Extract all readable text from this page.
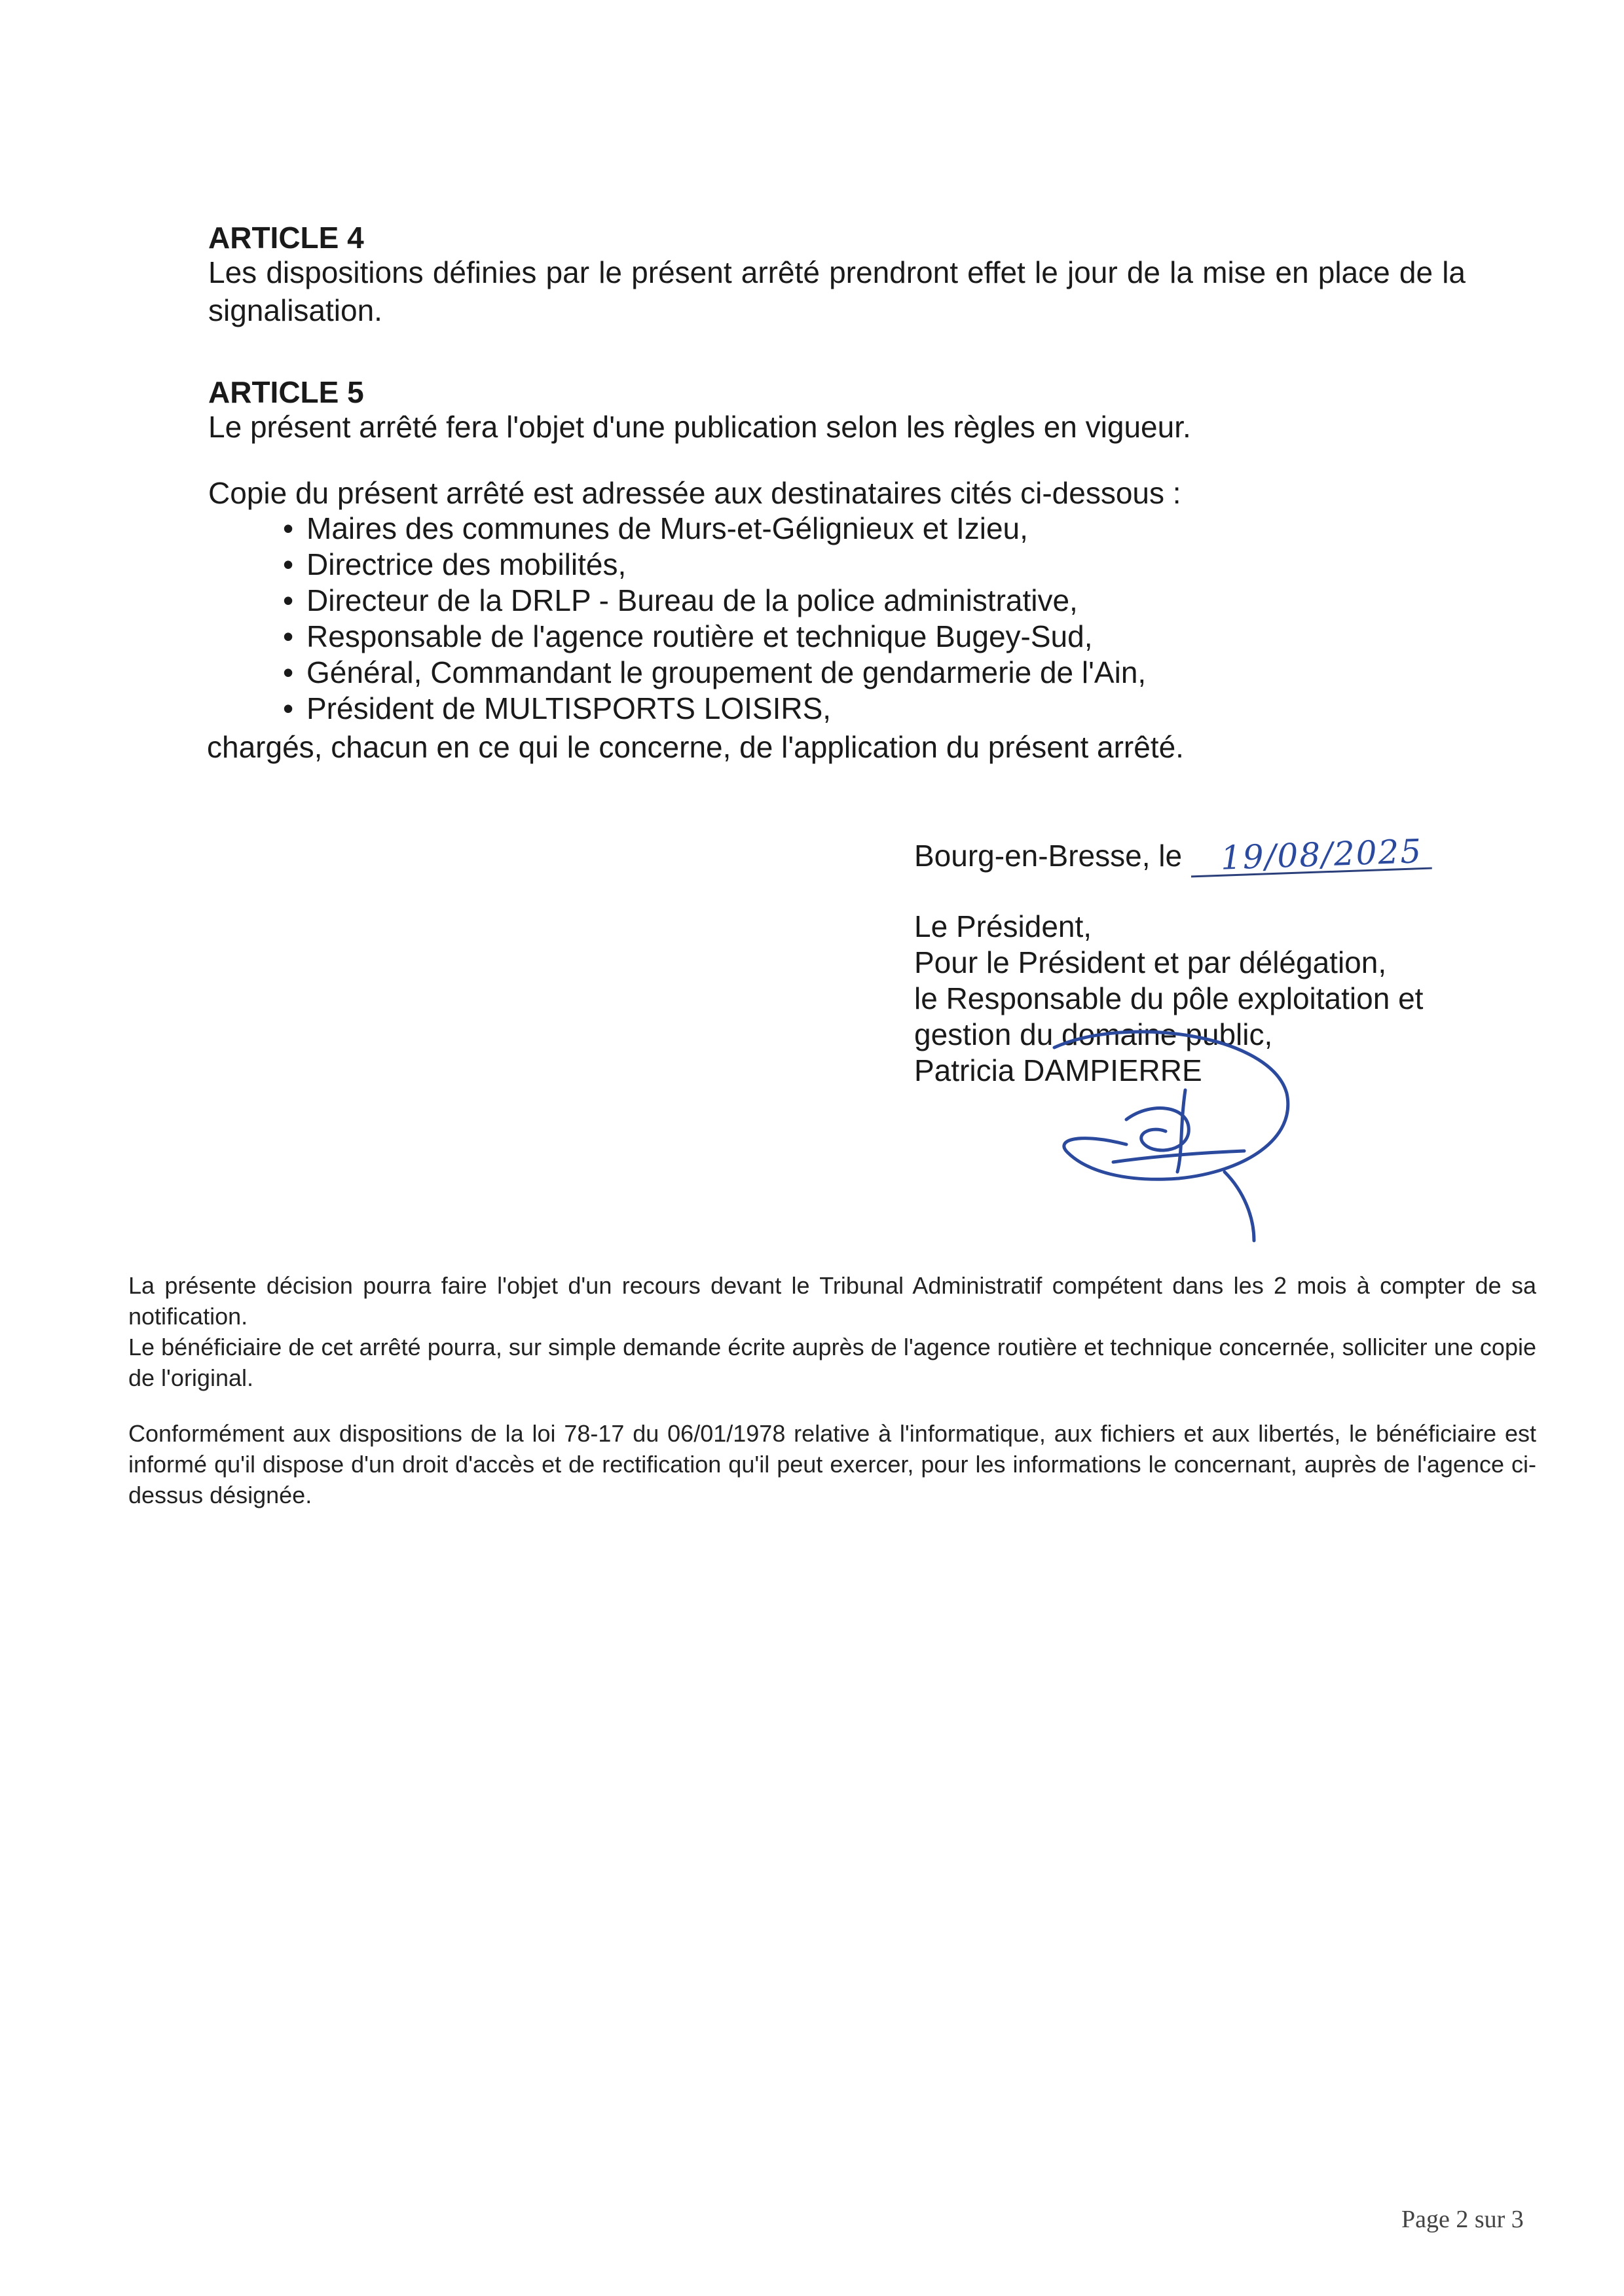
ARTICLE 4
Les dispositions définies par le présent arrêté prendront effet le jour de la mise en place de la signalisation.
ARTICLE 5
Le présent arrêté fera l'objet d'une publication selon les règles en vigueur.
Copie du présent arrêté est adressée aux destinataires cités ci-dessous :
• Maires des communes de Murs-et-Gélignieux et Izieu,
• Directrice des mobilités,
• Directeur de la DRLP - Bureau de la police administrative,
• Responsable de l'agence routière et technique Bugey-Sud,
• Général, Commandant le groupement de gendarmerie de l'Ain,
• Président de MULTISPORTS LOISIRS,
chargés, chacun en ce qui le concerne, de l'application du présent arrêté.
Bourg-en-Bresse, le 19/08/2025
Le Président,
Pour le Président et par délégation,
le Responsable du pôle exploitation et
gestion du domaine public,
Patricia DAMPIERRE

La présente décision pourra faire l'objet d'un recours devant le Tribunal Administratif compétent dans les 2 mois à compter de sa notification.

Le bénéficiaire de cet arrêté pourra, sur simple demande écrite auprès de l'agence routière et technique concernée, solliciter une copie de l'original.

Conformément aux dispositions de la loi 78-17 du 06/01/1978 relative à l'informatique, aux fichiers et aux libertés, le bénéficiaire est informé qu'il dispose d'un droit d'accès et de rectification qu'il peut exercer, pour les informations le concernant, auprès de l'agence ci-dessus désignée.

Page 2 sur 3
